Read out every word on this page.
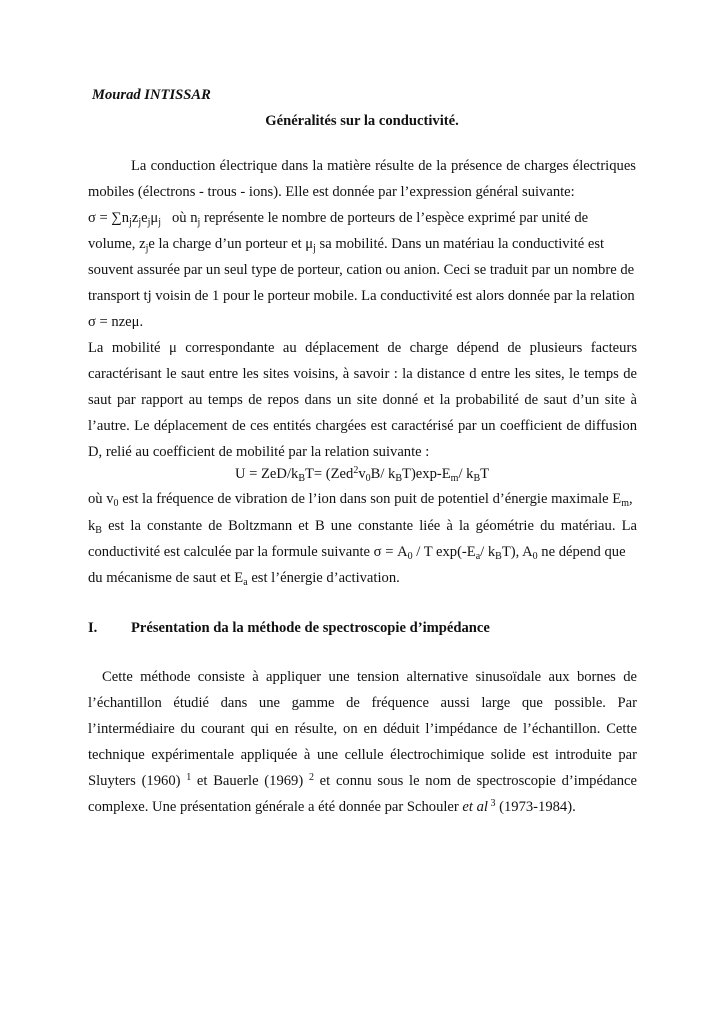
Mourad INTISSAR
Généralités sur la conductivité.
La conduction électrique dans la matière résulte de la présence de charges électriques
mobiles (électrons - trous - ions). Elle est donnée par l’expression général suivante:
$\sigma = \sum n_jz_je_j\mu_j$ où $n_j$ représente le nombre de porteurs de l’espèce exprimé par unité de
volume, $z_je$ la charge d’un porteur et $\mu_j$ sa mobilité. Dans un matériau la conductivité est
souvent assurée par un seul type de porteur, cation ou anion. Ceci se traduit par un nombre de
transport tj voisin de 1 pour le porteur mobile. La conductivité est alors donnée par la relation
σ = nzeμ.
La mobilité μ correspondante au déplacement de charge dépend de plusieurs facteurs
caractérisant le saut entre les sites voisins, à savoir : la distance d entre les sites, le temps de
saut par rapport au temps de repos dans un site donné et la probabilité de saut d’un site à
l’autre. Le déplacement de ces entités chargées est caractérisé par un coefficient de diffusion
D, relié au coefficient de mobilité par la relation suivante :
U = ZeD/$k_BT= (Zed^2v_0B/$ $k_BT)\exp-E_m/$ $k_BT$
où $v_0$ est la fréquence de vibration de l’ion dans son puit de potentiel d’énergie maximale $E_m$,
$k_B$ est la constante de Boltzmann et B une constante liée à la géométrie du matériau. La
conductivité est calculée par la formule suivante $\sigma = A_0 / T$ $\exp(-E_a/$ $k_BT$), $A_0$ ne dépend que
du mécanisme de saut et $E_a$ est l’énergie d’activation.
I. Présentation da la méthode de spectroscopie d’impédance
Cette méthode consiste à appliquer une tension alternative sinusoïdale aux bornes de
l’échantillon étudié dans une gamme de fréquence aussi large que possible. Par
l’intermédiaire du courant qui en résulte, on en déduit l’impédance de l’échantillon. Cette
technique expérimentale appliquée à une cellule électrochimique solide est introduite par
Sluyters (1960) $^1$ et Bauerle (1969) $^2$ et connu sous le nom de spectroscopie d’impédance
complexe. Une présentation générale a été donnée par Schouler et al $^3$ (1973-1984).
